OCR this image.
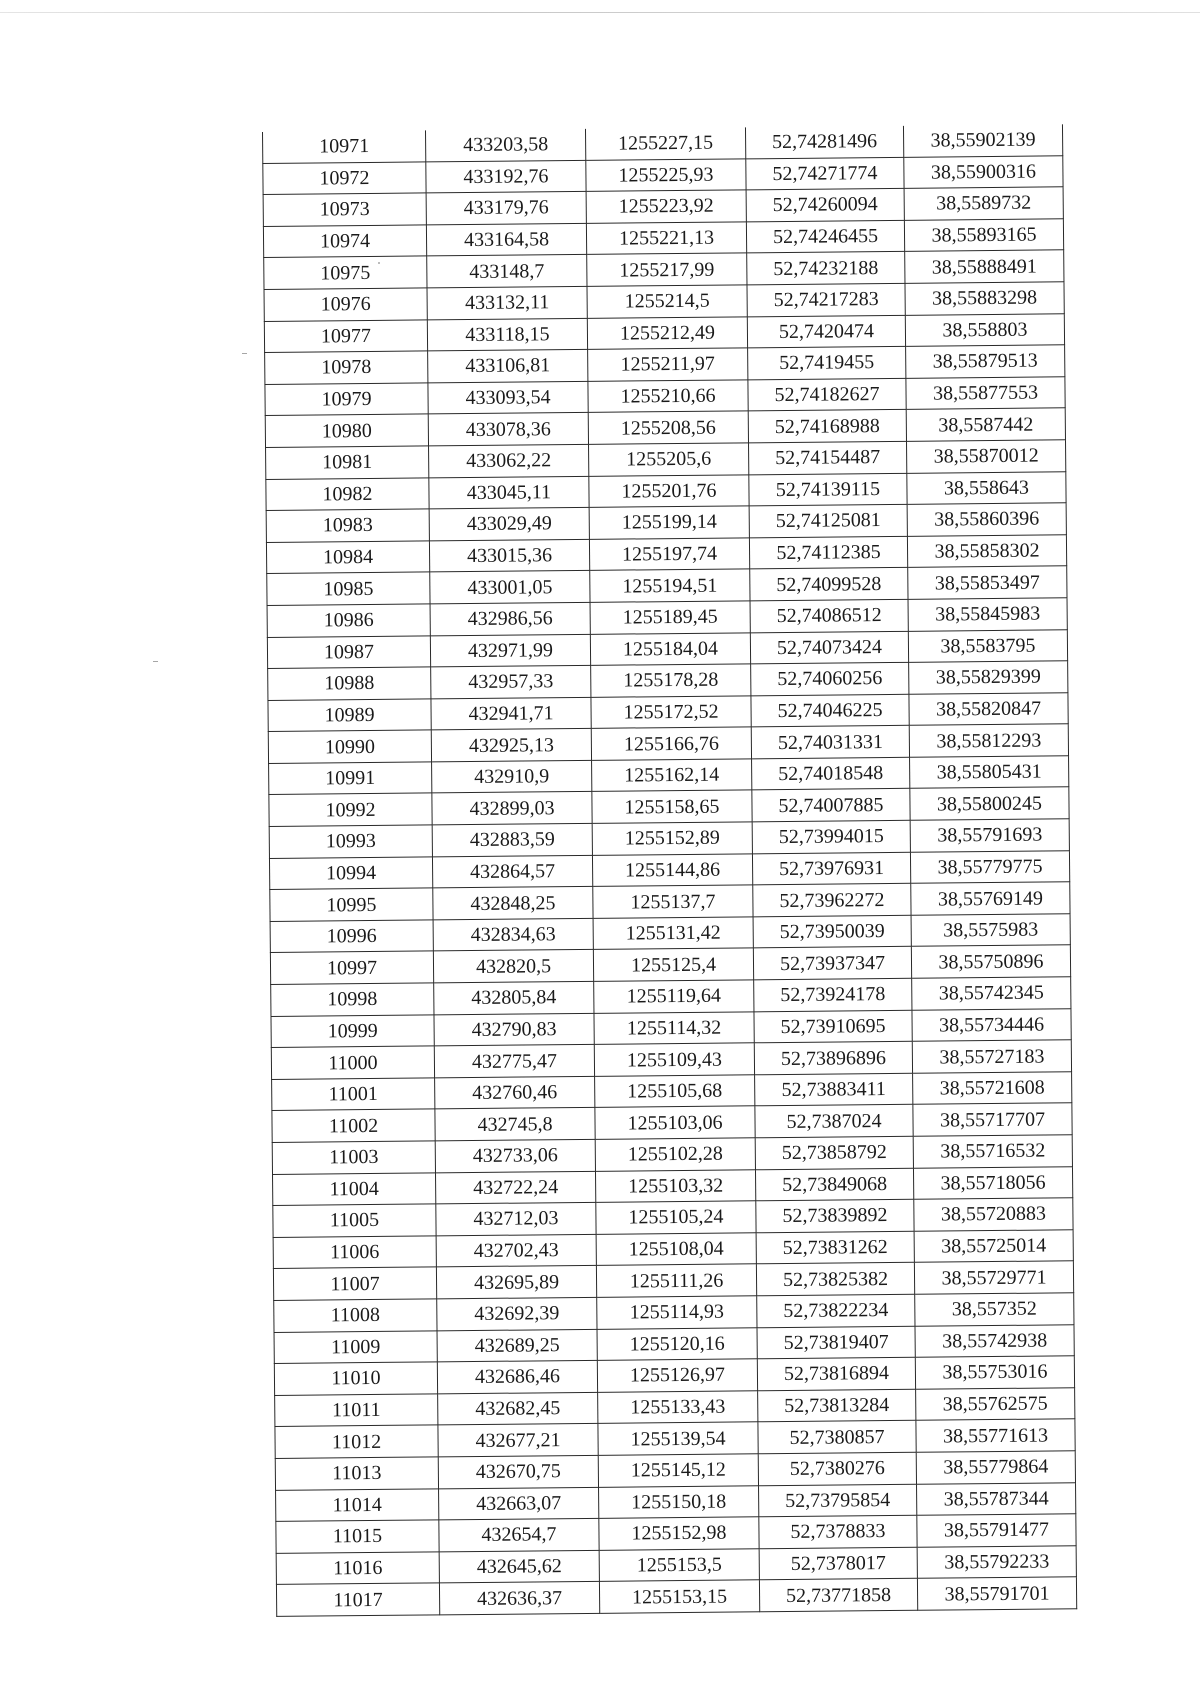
10971	433203,58	1255227,15	52,74281496	38,55902139
10972	433192,76	1255225,93	52,74271774	38,55900316
10973	433179,76	1255223,92	52,74260094	38,5589732
10974	433164,58	1255221,13	52,74246455	38,55893165
10975	433148,7	1255217,99	52,74232188	38,55888491
10976	433132,11	1255214,5	52,74217283	38,55883298
10977	433118,15	1255212,49	52,7420474	38,558803
10978	433106,81	1255211,97	52,7419455	38,55879513
10979	433093,54	1255210,66	52,74182627	38,55877553
10980	433078,36	1255208,56	52,74168988	38,5587442
10981	433062,22	1255205,6	52,74154487	38,55870012
10982	433045,11	1255201,76	52,74139115	38,558643
10983	433029,49	1255199,14	52,74125081	38,55860396
10984	433015,36	1255197,74	52,74112385	38,55858302
10985	433001,05	1255194,51	52,74099528	38,55853497
10986	432986,56	1255189,45	52,74086512	38,55845983
10987	432971,99	1255184,04	52,74073424	38,5583795
10988	432957,33	1255178,28	52,74060256	38,55829399
10989	432941,71	1255172,52	52,74046225	38,55820847
10990	432925,13	1255166,76	52,74031331	38,55812293
10991	432910,9	1255162,14	52,74018548	38,55805431
10992	432899,03	1255158,65	52,74007885	38,55800245
10993	432883,59	1255152,89	52,73994015	38,55791693
10994	432864,57	1255144,86	52,73976931	38,55779775
10995	432848,25	1255137,7	52,73962272	38,55769149
10996	432834,63	1255131,42	52,73950039	38,5575983
10997	432820,5	1255125,4	52,73937347	38,55750896
10998	432805,84	1255119,64	52,73924178	38,55742345
10999	432790,83	1255114,32	52,73910695	38,55734446
11000	432775,47	1255109,43	52,73896896	38,55727183
11001	432760,46	1255105,68	52,73883411	38,55721608
11002	432745,8	1255103,06	52,7387024	38,55717707
11003	432733,06	1255102,28	52,73858792	38,55716532
11004	432722,24	1255103,32	52,73849068	38,55718056
11005	432712,03	1255105,24	52,73839892	38,55720883
11006	432702,43	1255108,04	52,73831262	38,55725014
11007	432695,89	1255111,26	52,73825382	38,55729771
11008	432692,39	1255114,93	52,73822234	38,557352
11009	432689,25	1255120,16	52,73819407	38,55742938
11010	432686,46	1255126,97	52,73816894	38,55753016
11011	432682,45	1255133,43	52,73813284	38,55762575
11012	432677,21	1255139,54	52,7380857	38,55771613
11013	432670,75	1255145,12	52,7380276	38,55779864
11014	432663,07	1255150,18	52,73795854	38,55787344
11015	432654,7	1255152,98	52,7378833	38,55791477
11016	432645,62	1255153,5	52,7378017	38,55792233
11017	432636,37	1255153,15	52,73771858	38,55791701
